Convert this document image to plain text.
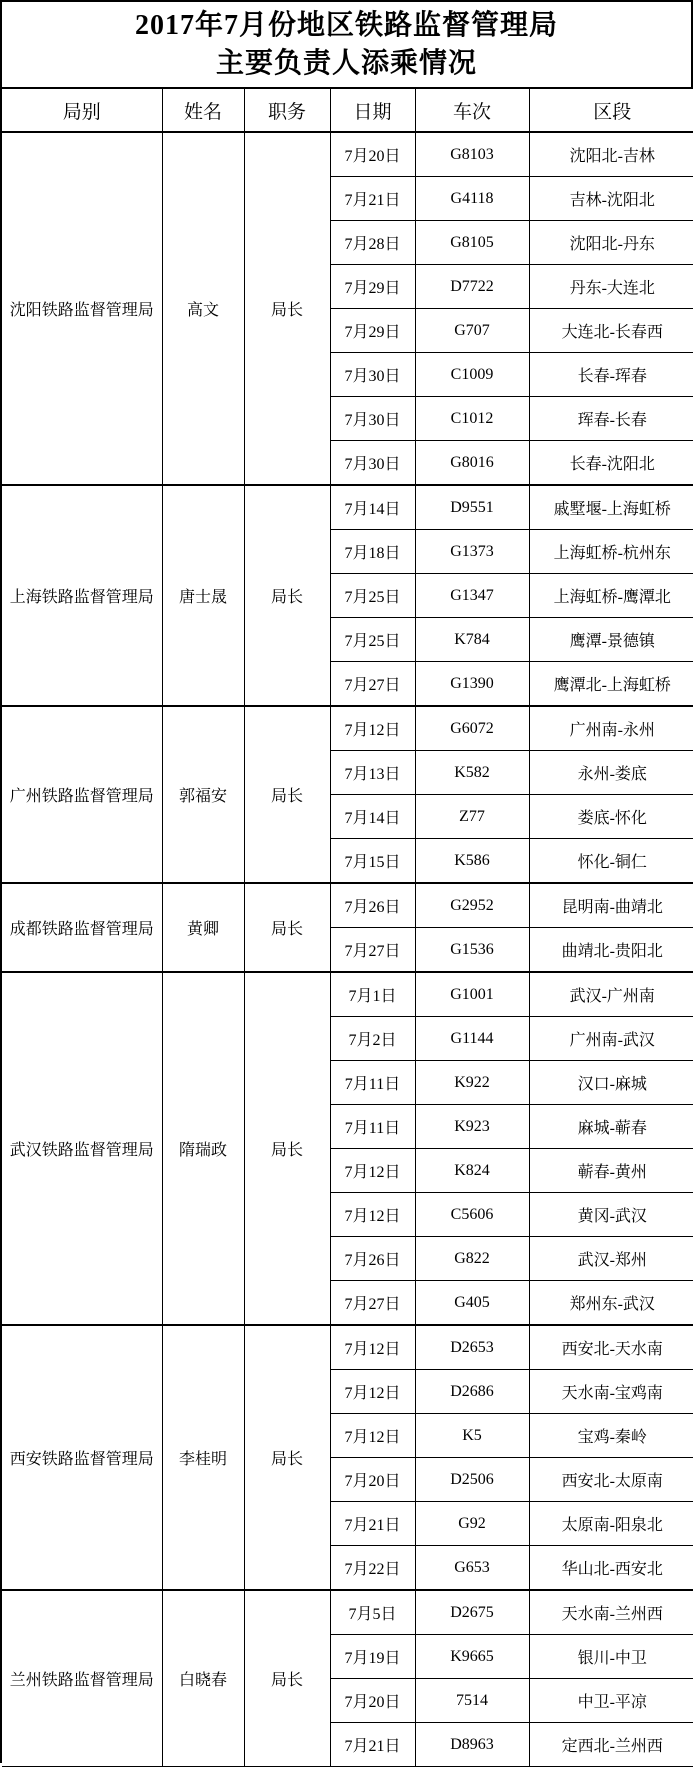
2017年7月份地区铁路监督管理局
主要负责人添乘情况
局别	姓名	职务	日期	车次	区段
沈阳铁路监督管理局	高文	局长	7月20日	G8103	沈阳北-吉林
			7月21日	G4118	吉林-沈阳北
			7月28日	G8105	沈阳北-丹东
			7月29日	D7722	丹东-大连北
			7月29日	G707	大连北-长春西
			7月30日	C1009	长春-珲春
			7月30日	C1012	珲春-长春
			7月30日	G8016	长春-沈阳北
上海铁路监督管理局	唐士晟	局长	7月14日	D9551	戚墅堰-上海虹桥
			7月18日	G1373	上海虹桥-杭州东
			7月25日	G1347	上海虹桥-鹰潭北
			7月25日	K784	鹰潭-景德镇
			7月27日	G1390	鹰潭北-上海虹桥
广州铁路监督管理局	郭福安	局长	7月12日	G6072	广州南-永州
			7月13日	K582	永州-娄底
			7月14日	Z77	娄底-怀化
			7月15日	K586	怀化-铜仁
成都铁路监督管理局	黄卿	局长	7月26日	G2952	昆明南-曲靖北
			7月27日	G1536	曲靖北-贵阳北
武汉铁路监督管理局	隋瑞政	局长	7月1日	G1001	武汉-广州南
			7月2日	G1144	广州南-武汉
			7月11日	K922	汉口-麻城
			7月11日	K923	麻城-蕲春
			7月12日	K824	蕲春-黄州
			7月12日	C5606	黄冈-武汉
			7月26日	G822	武汉-郑州
			7月27日	G405	郑州东-武汉
西安铁路监督管理局	李桂明	局长	7月12日	D2653	西安北-天水南
			7月12日	D2686	天水南-宝鸡南
			7月12日	K5	宝鸡-秦岭
			7月20日	D2506	西安北-太原南
			7月21日	G92	太原南-阳泉北
			7月22日	G653	华山北-西安北
兰州铁路监督管理局	白晓春	局长	7月5日	D2675	天水南-兰州西
			7月19日	K9665	银川-中卫
			7月20日	7514	中卫-平凉
			7月21日	D8963	定西北-兰州西
